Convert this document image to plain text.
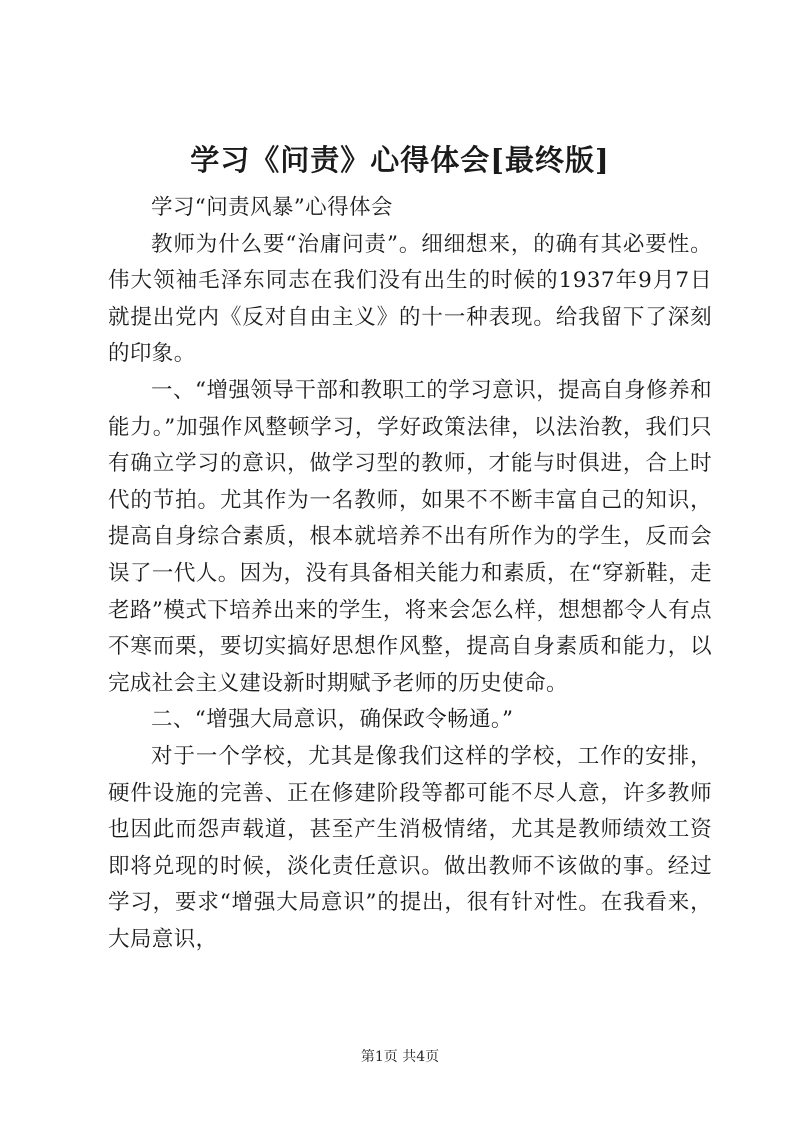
学习《问责》心得体会[最终版]

学习“问责风暴”心得体会

教师为什么要“治庸问责”。细细想来，的确有其必要性。伟大领袖毛泽东同志在我们没有出生的时候的1937年9月7日就提出党内《反对自由主义》的十一种表现。给我留下了深刻的印象。

一、“增强领导干部和教职工的学习意识，提高自身修养和能力。”加强作风整顿学习，学好政策法律，以法治教，我们只有确立学习的意识，做学习型的教师，才能与时俱进，合上时代的节拍。尤其作为一名教师，如果不不断丰富自己的知识，提高自身综合素质，根本就培养不出有所作为的学生，反而会误了一代人。因为，没有具备相关能力和素质，在“穿新鞋，走老路”模式下培养出来的学生，将来会怎么样，想想都令人有点不寒而栗，要切实搞好思想作风整，提高自身素质和能力，以完成社会主义建设新时期赋予老师的历史使命。

二、“增强大局意识，确保政令畅通。”

对于一个学校，尤其是像我们这样的学校，工作的安排，硬件设施的完善、正在修建阶段等都可能不尽人意，许多教师也因此而怨声载道，甚至产生消极情绪，尤其是教师绩效工资即将兑现的时候，淡化责任意识。做出教师不该做的事。经过学习，要求“增强大局意识”的提出，很有针对性。在我看来，大局意识，

第1页 共4页
